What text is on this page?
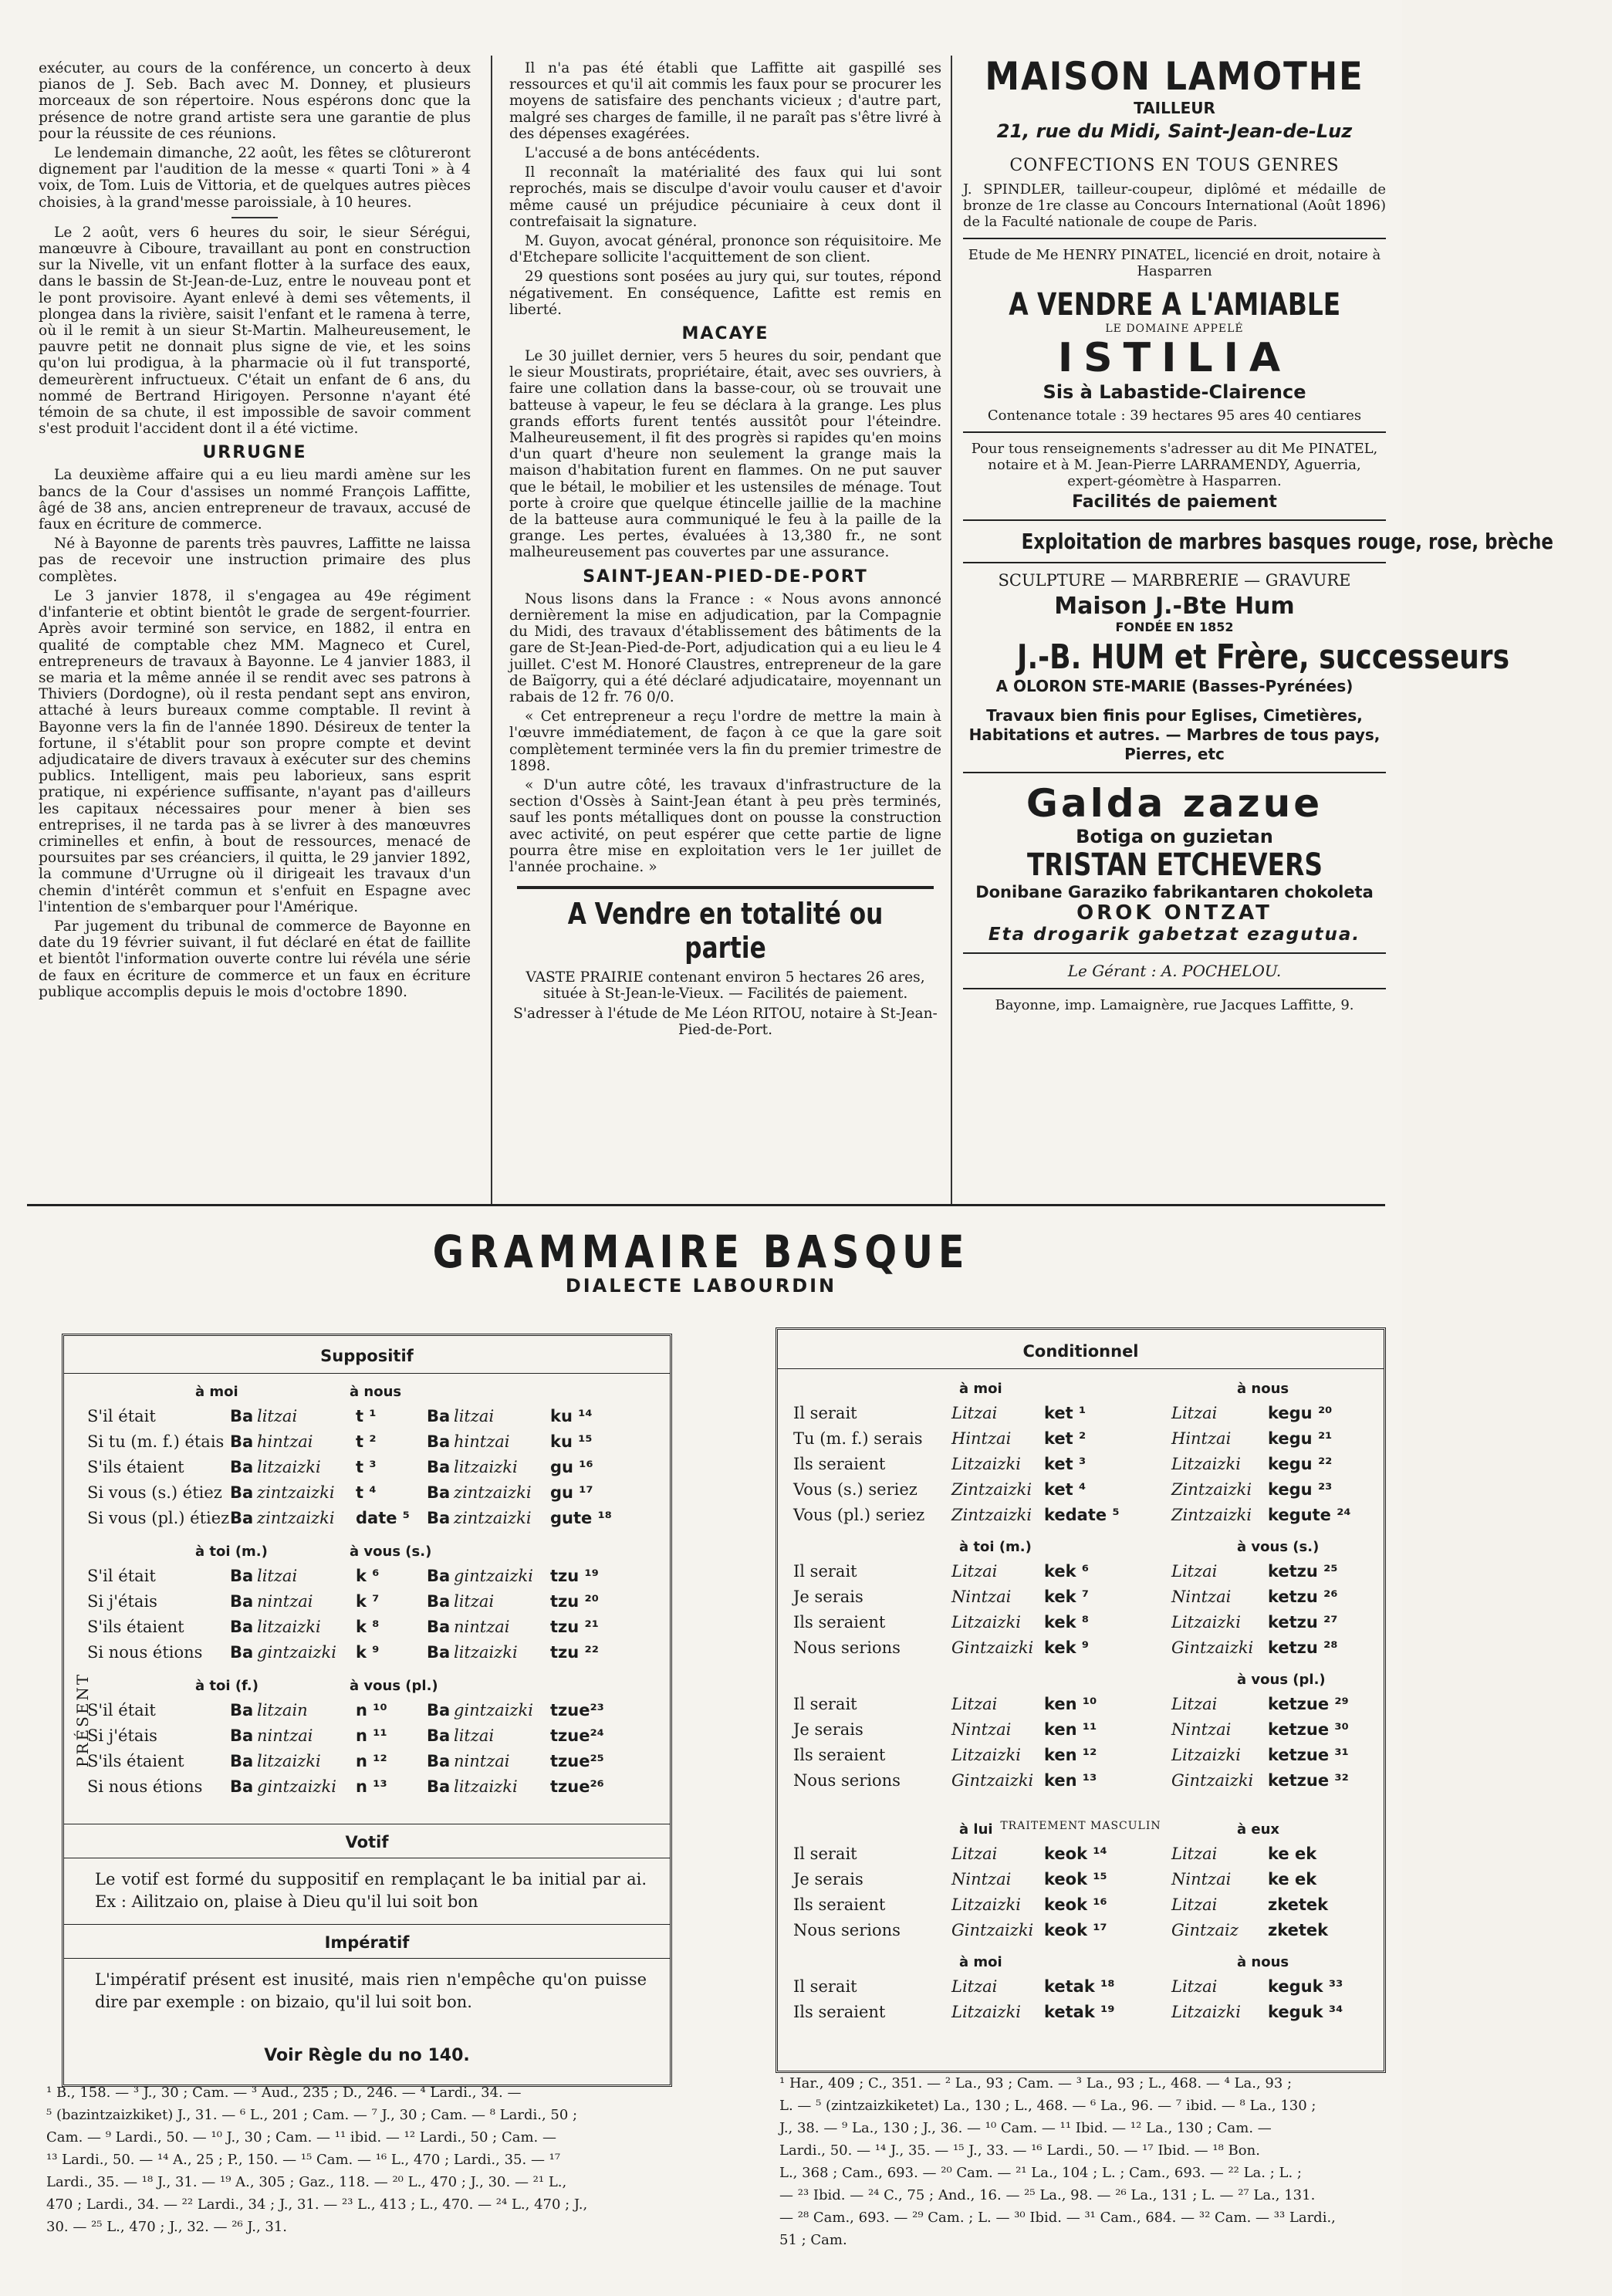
exécuter, au cours de la conférence, un concerto à deux pianos de J. Seb. Bach avec M. Donney, et plusieurs morceaux de son répertoire. Nous espérons donc que la présence de notre grand artiste sera une garantie de plus pour la réussite de ces réunions.

Le lendemain dimanche, 22 août, les fêtes se clôtureront dignement par l'audition de la messe « quarti Toni » à 4 voix, de Tom. Luis de Vittoria, et de quelques autres pièces choisies, à la grand'messe paroissiale, à 10 heures.

Le 2 août, vers 6 heures du soir, le sieur Sérégui, manœuvre à Ciboure, travaillant au pont en construction sur la Nivelle, vit un enfant flotter à la surface des eaux, dans le bassin de St-Jean-de-Luz, entre le nouveau pont et le pont provisoire. Ayant enlevé à demi ses vêtements, il plongea dans la rivière, saisit l'enfant et le ramena à terre, où il le remit à un sieur St-Martin. Malheureusement, le pauvre petit ne donnait plus signe de vie, et les soins qu'on lui prodigua, à la pharmacie où il fut transporté, demeurèrent infructueux. C'était un enfant de 6 ans, du nommé de Bertrand Hirigoyen. Personne n'ayant été témoin de sa chute, il est impossible de savoir comment s'est produit l'accident dont il a été victime.

URRUGNE

La deuxième affaire qui a eu lieu mardi amène sur les bancs de la Cour d'assises un nommé François Laffitte, âgé de 38 ans, ancien entrepreneur de travaux, accusé de faux en écriture de commerce.

Né à Bayonne de parents très pauvres, Laffitte ne laissa pas de recevoir une instruction primaire des plus complètes.

Le 3 janvier 1878, il s'engagea au 49e régiment d'infanterie et obtint bientôt le grade de sergent-fourrier. Après avoir terminé son service, en 1882, il entra en qualité de comptable chez MM. Magneco et Curel, entrepreneurs de travaux à Bayonne. Le 4 janvier 1883, il se maria et la même année il se rendit avec ses patrons à Thiviers (Dordogne), où il resta pendant sept ans environ, attaché à leurs bureaux comme comptable. Il revint à Bayonne vers la fin de l'année 1890. Désireux de tenter la fortune, il s'établit pour son propre compte et devint adjudicataire de divers travaux à exécuter sur des chemins publics. Intelligent, mais peu laborieux, sans esprit pratique, ni expérience suffisante, n'ayant pas d'ailleurs les capitaux nécessaires pour mener à bien ses entreprises, il ne tarda pas à se livrer à des manœuvres criminelles et enfin, à bout de ressources, menacé de poursuites par ses créanciers, il quitta, le 29 janvier 1892, la commune d'Urrugne où il dirigeait les travaux d'un chemin d'intérêt commun et s'enfuit en Espagne avec l'intention de s'embarquer pour l'Amérique.

Par jugement du tribunal de commerce de Bayonne en date du 19 février suivant, il fut déclaré en état de faillite et bientôt l'information ouverte contre lui révéla une série de faux en écriture de commerce et un faux en écriture publique accomplis depuis le mois d'octobre 1890.

Il n'a pas été établi que Laffitte ait gaspillé ses ressources et qu'il ait commis les faux pour se procurer les moyens de satisfaire des penchants vicieux ; d'autre part, malgré ses charges de famille, il ne paraît pas s'être livré à des dépenses exagérées.

L'accusé a de bons antécédents.

Il reconnaît la matérialité des faux qui lui sont reprochés, mais se disculpe d'avoir voulu causer et d'avoir même causé un préjudice pécuniaire à ceux dont il contrefaisait la signature.

M. Guyon, avocat général, prononce son réquisitoire. Me d'Etchepare sollicite l'acquittement de son client.

29 questions sont posées au jury qui, sur toutes, répond négativement. En conséquence, Lafitte est remis en liberté.

MACAYE

Le 30 juillet dernier, vers 5 heures du soir, pendant que le sieur Moustirats, propriétaire, était, avec ses ouvriers, à faire une collation dans la basse-cour, où se trouvait une batteuse à vapeur, le feu se déclara à la grange. Les plus grands efforts furent tentés aussitôt pour l'éteindre. Malheureusement, il fit des progrès si rapides qu'en moins d'un quart d'heure non seulement la grange mais la maison d'habitation furent en flammes. On ne put sauver que le bétail, le mobilier et les ustensiles de ménage. Tout porte à croire que quelque étincelle jaillie de la machine de la batteuse aura communiqué le feu à la paille de la grange. Les pertes, évaluées à 13,380 fr., ne sont malheureusement pas couvertes par une assurance.

SAINT-JEAN-PIED-DE-PORT

Nous lisons dans la France : « Nous avons annoncé dernièrement la mise en adjudication, par la Compagnie du Midi, des travaux d'établissement des bâtiments de la gare de St-Jean-Pied-de-Port, adjudication qui a eu lieu le 4 juillet. C'est M. Honoré Claustres, entrepreneur de la gare de Baïgorry, qui a été déclaré adjudicataire, moyennant un rabais de 12 fr. 76 0/0.

« Cet entrepreneur a reçu l'ordre de mettre la main à l'œuvre immédiatement, de façon à ce que la gare soit complètement terminée vers la fin du premier trimestre de 1898.

« D'un autre côté, les travaux d'infrastructure de la section d'Ossès à Saint-Jean étant à peu près terminés, sauf les ponts métalliques dont on pousse la construction avec activité, on peut espérer que cette partie de ligne pourra être mise en exploitation vers le 1er juillet de l'année prochaine. »

A Vendre en totalité ou partie

VASTE PRAIRIE contenant environ 5 hectares 26 ares, située à St-Jean-le-Vieux. — Facilités de paiement.

S'adresser à l'étude de Me Léon RITOU, notaire à St-Jean-Pied-de-Port.

MAISON LAMOTHE
TAILLEUR
21, rue du Midi, Saint-Jean-de-Luz
CONFECTIONS EN TOUS GENRES

J. SPINDLER, tailleur-coupeur, diplômé et médaille de bronze de 1re classe au Concours International (Août 1896) de la Faculté nationale de coupe de Paris.

Etude de Me HENRY PINATEL, licencié en droit, notaire à Hasparren

A VENDRE A L'AMIABLE
LE DOMAINE APPELÉ
ISTILIA
Sis à Labastide-Clairence

Contenance totale : 39 hectares 95 ares 40 centiares

Pour tous renseignements s'adresser au dit Me PINATEL, notaire et à M. Jean-Pierre LARRAMENDY, Aguerria, expert-géomètre à Hasparren.

Facilités de paiement
Exploitation de marbres basques rouge, rose, brèche
SCULPTURE — MARBRERIE — GRAVURE
Maison J.-Bte Hum
FONDÉE EN 1852
J.-B. HUM et Frère, successeurs
A OLORON STE-MARIE (Basses-Pyrénées)

Travaux bien finis pour Eglises, Cimetières, Habitations et autres. — Marbres de tous pays, Pierres, etc

Galda zazue
Botiga on guzietan
TRISTAN ETCHEVERS
Donibane Garaziko fabrikantaren chokoleta
OROK ONTZAT
Eta drogarik gabetzat ezagutua.
Le Gérant : A. POCHELOU.
Bayonne, imp. Lamaignère, rue Jacques Laffitte, 9.
GRAMMAIRE BASQUE
DIALECTE LABOURDIN
Suppositif
Votif
Le votif est formé du suppositif en remplaçant le ba initial par ai. Ex : Ailitzaio on, plaise à Dieu qu'il lui soit bon
Impératif
L'impératif présent est inusité, mais rien n'empêche qu'on puisse dire par exemple : on bizaio, qu'il lui soit bon.
Voir Règle du no 140.
à moi	à nous
S'il était	Ba litzai	t ¹	Ba litzai	ku ¹⁴
Si tu (m. f.) étais Ba hintzai	t ²	Ba hintzai ku ¹⁵
S'ils étaient	Ba litzaizki t ³	Ba litzaizki gu ¹⁶
Si vous (s.) étiez Ba zintzaizki t ⁴	Ba zintzaizki gu ¹⁷
Si vous (pl.) étiez Ba zintzaizki date ⁵ Ba zintzaizki gute ¹⁸
à toi (m.)	à vous (s.)
S'il était	Ba litzai	k ⁶	Ba gintzaizki tzu ¹⁹
Si j'étais	Ba nintzai	k ⁷	Ba litzai	tzu ²⁰
S'ils étaient	Ba litzaizki k ⁸	Ba nintzai tzu ²¹
Si nous étions Ba gintzaizki k ⁹	Ba litzaizki tzu ²²
à toi (f.)	à vous (pl.)
S'il était	Ba litzain	n ¹⁰ Ba gintzaizki tzue²³
Si j'étais	Ba nintzai	n ¹¹ Ba litzai	tzue²⁴
S'ils étaient	Ba litzaizki n ¹² Ba nintzai tzue²⁵
Si nous étions Ba gintzaizki n ¹³ Ba litzaizki tzue²⁶
PRÉSENT
Conditionnel
TRAITEMENT MASCULIN
à moi	à nous
Il serait	Litzai	ket ¹	Litzai	kegu ²⁰
Tu (m. f.) serais Hintzai ket ²	Hintzai kegu ²¹
Ils seraient	Litzaizki ket ³	Litzaizki kegu ²²
Vous (s.) seriez Zintzaizki ket ⁴	Zintzaizki kegu ²³
Vous (pl.) seriez Zintzaizki kedate ⁵	Zintzaizki kegute ²⁴
à toi (m.)	à vous (s.)
Il serait	Litzai	kek ⁶	Litzai	ketzu ²⁵
Je serais	Nintzai kek ⁷	Nintzai ketzu ²⁶
Ils seraient	Litzaizki kek ⁸	Litzaizki ketzu ²⁷
Nous serions	Gintzaizki kek ⁹	Gintzaizki ketzu ²⁸
à vous (pl.)
Il serait	Litzai	ken ¹⁰	Litzai	ketzue ²⁹
Je serais	Nintzai ken ¹¹	Nintzai ketzue ³⁰
Ils seraient	Litzaizki ken ¹²	Litzaizki ketzue ³¹
Nous serions	Gintzaizki ken ¹³	Gintzaizki ketzue ³²
à lui	à eux
Il serait	Litzai	keok ¹⁴	Litzai	ke ek
Je serais	Nintzai keok ¹⁵	Nintzai ke ek
Ils seraient	Litzaizki keok ¹⁶	Litzai	zketek
Nous serions	Gintzaizki keok ¹⁷	Gintzaiz zketek
à moi	à nous
Il serait	Litzai	ketak ¹⁸	Litzai	keguk ³³
Ils seraient	Litzaizki ketak ¹⁹	Litzaizki keguk ³⁴
¹ B., 158. — ³ J., 30 ; Cam. — ³ Aud., 235 ; D., 246. — ⁴ Lardi., 34. —
⁵ (bazintzaizkiket) J., 31. — ⁶ L., 201 ; Cam. — ⁷ J., 30 ; Cam. — ⁸ Lardi., 50 ;
Cam. — ⁹ Lardi., 50. — ¹⁰ J., 30 ; Cam. — ¹¹ ibid. — ¹² Lardi., 50 ; Cam. —
¹³ Lardi., 50. — ¹⁴ A., 25 ; P., 150. — ¹⁵ Cam. — ¹⁶ L., 470 ; Lardi., 35. — ¹⁷
Lardi., 35. — ¹⁸ J., 31. — ¹⁹ A., 305 ; Gaz., 118. — ²⁰ L., 470 ; J., 30. — ²¹ L.,
470 ; Lardi., 34. — ²² Lardi., 34 ; J., 31. — ²³ L., 413 ; L., 470. — ²⁴ L., 470 ; J.,
30. — ²⁵ L., 470 ; J., 32. — ²⁶ J., 31.
¹ Har., 409 ; C., 351. — ² La., 93 ; Cam. — ³ La., 93 ; L., 468. — ⁴ La., 93 ;
L. — ⁵ (zintzaizkiketet) La., 130 ; L., 468. — ⁶ La., 96. — ⁷ ibid. — ⁸ La., 130 ;
J., 38. — ⁹ La., 130 ; J., 36. — ¹⁰ Cam. — ¹¹ Ibid. — ¹² La., 130 ; Cam. —
Lardi., 50. — ¹⁴ J., 35. — ¹⁵ J., 33. — ¹⁶ Lardi., 50. — ¹⁷ Ibid. — ¹⁸ Bon.
L., 368 ; Cam., 693. — ²⁰ Cam. — ²¹ La., 104 ; L. ; Cam., 693. — ²² La. ; L. ;
— ²³ Ibid. — ²⁴ C., 75 ; And., 16. — ²⁵ La., 98. — ²⁶ La., 131 ; L. — ²⁷ La., 131.
— ²⁸ Cam., 693. — ²⁹ Cam. ; L. — ³⁰ Ibid. — ³¹ Cam., 684. — ³² Cam. — ³³ Lardi.,
51 ; Cam.
